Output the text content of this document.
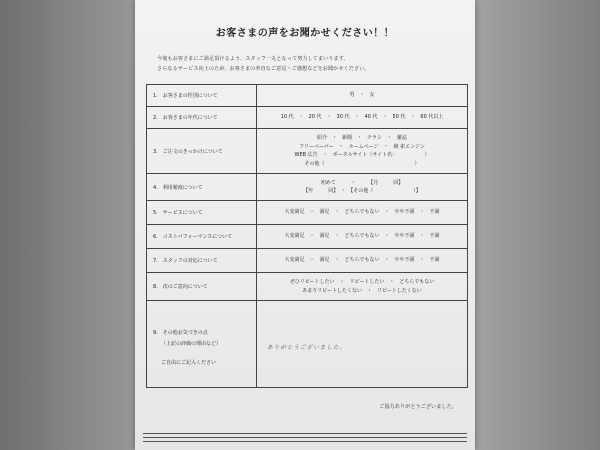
お客さまの声をお聞かせください！！
今後もお客さまにご満足頂けるよう、スタッフ一丸となって努力してまいります。
さらなるサービス向上のため、お客さまの率直なご意見・ご感想などをお聞かせください。
1.　お客さまの性別について	男　・　女

2.　お客さまの年代について	10 代　・　20 代　・　30 代　・　40 代　・　50 代　・　60 代以上

3.　ご注文のきっかけについて	紹介　・　新聞　・　チラシ　・　雑誌
フリーペーパー　・　ホームページ　・　検 索エンジン
WEB 広告　・　ポータルサイト（サイト名：　　　　　　）
その他（　　　　　　　　　　　　　　　　　　）

4.　利用頻度について	初めて　　　・　　　【月　　　回】
【年　　　回】　・　【その他（　　　　　　　　）】

5.　サービスについて	大変満足　・　満足　・　どちらでもない　・　やや不満　・　不満

6.　コストパフォーマンスについて	大変満足　・　満足　・　どちらでもない　・　やや不満　・　不満

7.　スタッフの対応について	大変満足　・　満足　・　どちらでもない　・　やや不満　・　不満

8.　次のご意向について	ぜひリピートしたい　・　リピートしたい　・　どちらでもない
あまりリピートしたくない　・　リピートしたくない

9.　その他お気づきの点
（上記の評価の理由など）
ご自由にご記入ください	ありがとうございました。
ご協力ありがとうございました。
